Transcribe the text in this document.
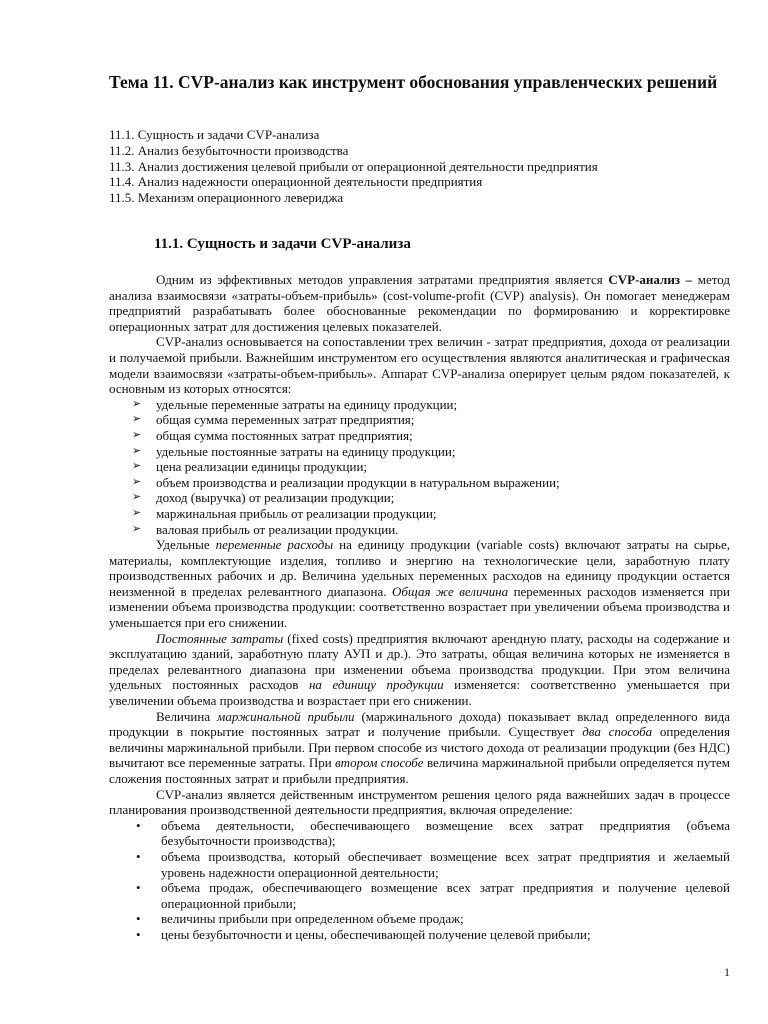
Тема 11. CVP-анализ как инструмент обоснования управленческих решений
11.1. Сущность и задачи CVP-анализа
11.2. Анализ безубыточности производства
11.3. Анализ достижения целевой прибыли от операционной деятельности предприятия
11.4. Анализ надежности операционной деятельности предприятия
11.5. Механизм операционного левериджа
11.1. Сущность и задачи CVP-анализа

Одним из эффективных методов управления затратами предприятия является CVP-анализ – метод анализа взаимосвязи «затраты-объем-прибыль» (cost-volume-profit (CVP) analysis). Он помогает менеджерам предприятий разрабатывать более обоснованные рекомендации по формированию и корректировке операционных затрат для достижения целевых показателей.

CVP-анализ основывается на сопоставлении трех величин - затрат предприятия, дохода от реализации и получаемой прибыли. Важнейшим инструментом его осуществления являются аналитическая и графическая модели взаимосвязи «затраты-объем-прибыль». Аппарат CVP-анализа оперирует целым рядом показателей, к основным из которых относятся:

➢ удельные переменные затраты на единицу продукции;
➢ общая сумма переменных затрат предприятия;
➢ общая сумма постоянных затрат предприятия;
➢ удельные постоянные затраты на единицу продукции;
➢ цена реализации единицы продукции;
➢ объем производства и реализации продукции в натуральном выражении;
➢ доход (выручка) от реализации продукции;
➢ маржинальная прибыль от реализации продукции;
➢ валовая прибыль от реализации продукции.

Удельные переменные расходы на единицу продукции (variable costs) включают затраты на сырье, материалы, комплектующие изделия, топливо и энергию на технологические цели, заработную плату производственных рабочих и др. Величина удельных переменных расходов на единицу продукции остается неизменной в пределах релевантного диапазона. Общая же величина переменных расходов изменяется при изменении объема производства продукции: соответственно возрастает при увеличении объема производства и уменьшается при его снижении.

Постоянные затраты (fixed costs) предприятия включают арендную плату, расходы на содержание и эксплуатацию зданий, заработную плату АУП и др.). Это затраты, общая величина которых не изменяется в пределах релевантного диапазона при изменении объема производства продукции. При этом величина удельных постоянных расходов на единицу продукции изменяется: соответственно уменьшается при увеличении объема производства и возрастает при его снижении.

Величина маржинальной прибыли (маржинального дохода) показывает вклад определенного вида продукции в покрытие постоянных затрат и получение прибыли. Существует два способа определения величины маржинальной прибыли. При первом способе из чистого дохода от реализации продукции (без НДС) вычитают все переменные затраты. При втором способе величина маржинальной прибыли определяется путем сложения постоянных затрат и прибыли предприятия.

CVP-анализ является действенным инструментом решения целого ряда важнейших задач в процессе планирования производственной деятельности предприятия, включая определение:

• объема деятельности, обеспечивающего возмещение всех затрат предприятия (объема безубыточности производства);
• объема производства, который обеспечивает возмещение всех затрат предприятия и желаемый уровень надежности операционной деятельности;
• объема продаж, обеспечивающего возмещение всех затрат предприятия и получение целевой операционной прибыли;
• величины прибыли при определенном объеме продаж;
• цены безубыточности и цены, обеспечивающей получение целевой прибыли;
1
